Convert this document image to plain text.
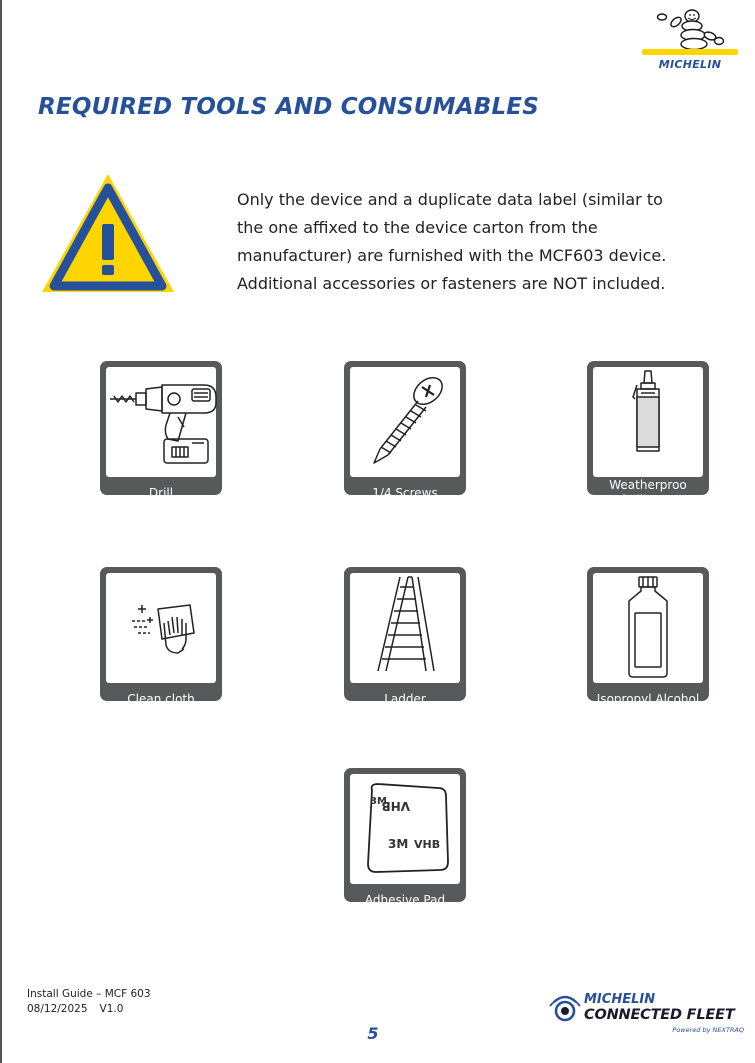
MICHELIN
REQUIRED TOOLS AND CONSUMABLES

Only the device and a duplicate data label (similar to the one affixed to the device carton from the manufacturer) are furnished with the MCF603 device. Additional accessories or fasteners are NOT included.

Drill	1/4 Screws
Weatherproo
f Silicone
Clean cloth	Ladder	Isopropyl Alcohol
VHB
3M VHB
3M
Adhesive Pad
Install Guide – MCF 603
08/12/2025 V1.0
5
MICHELIN
CONNECTED FLEET
Powered by NEXTRAQ
